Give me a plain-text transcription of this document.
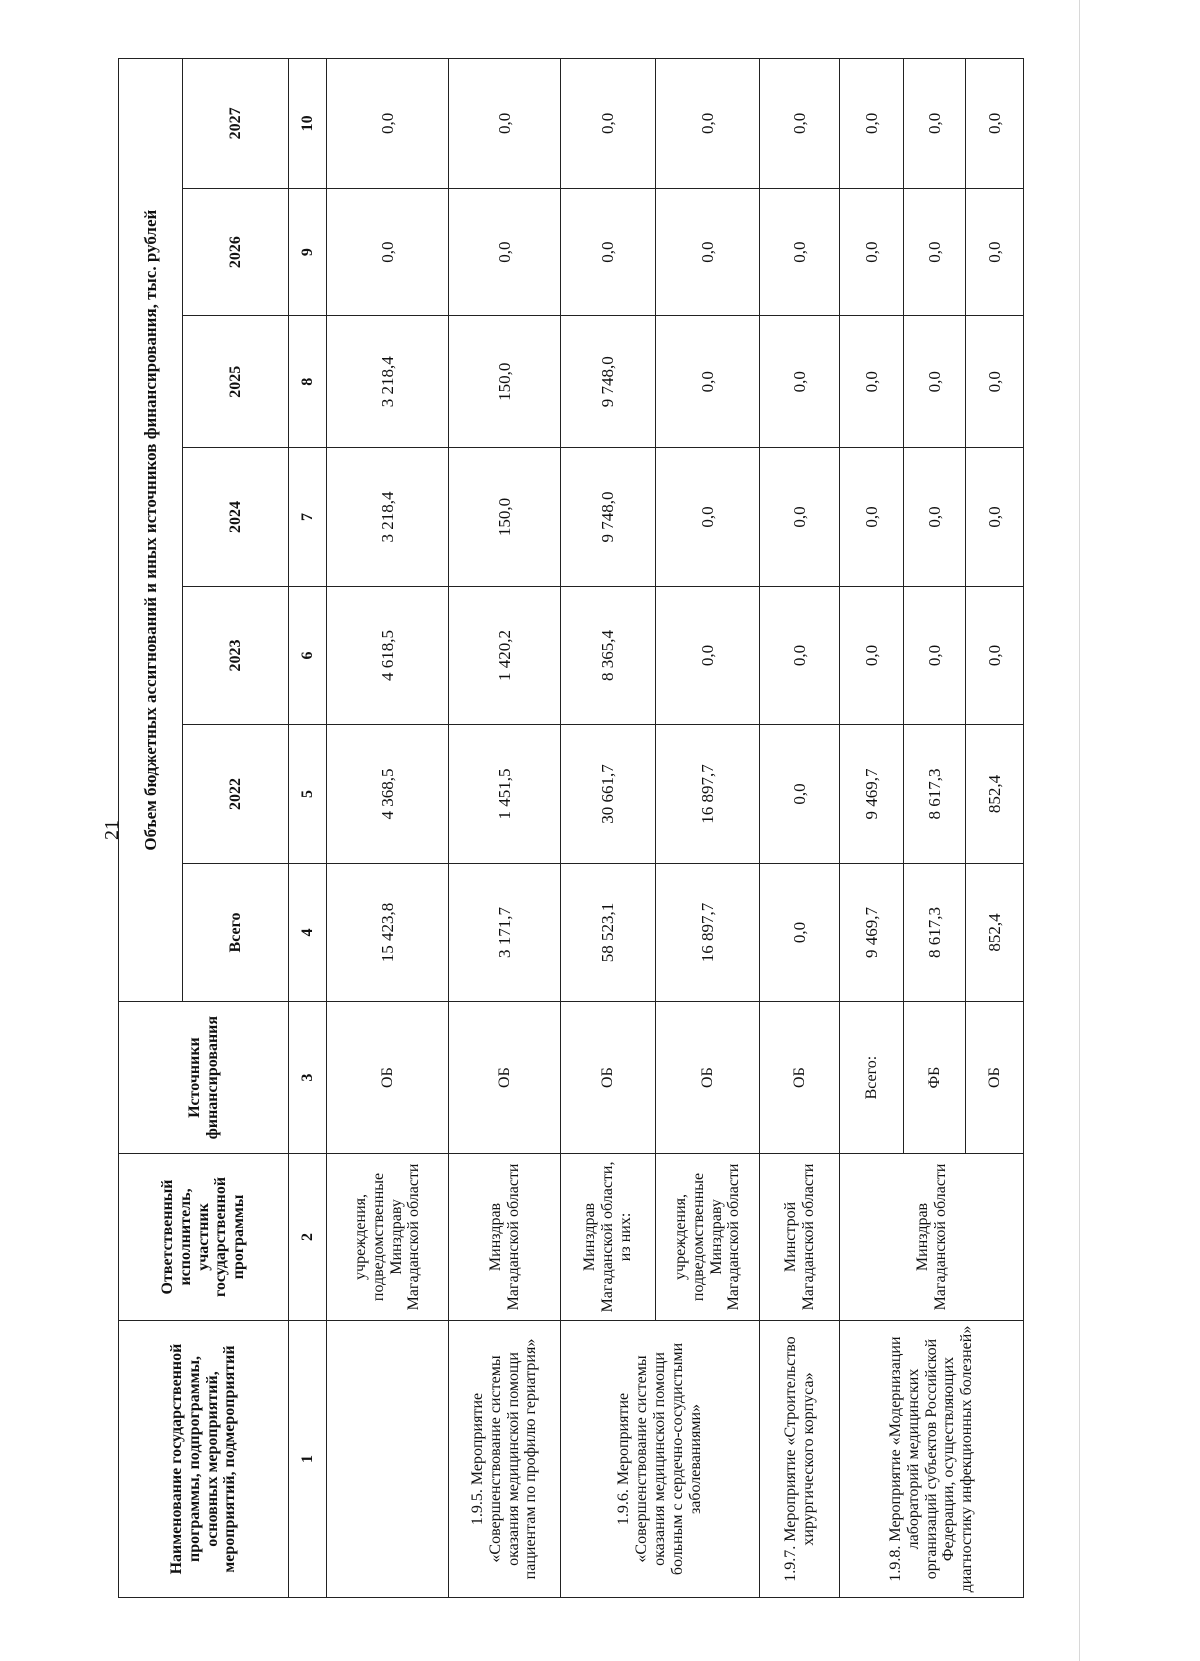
21
Наименование государственной программы, подпрограммы, основных мероприятий, мероприятий, подмероприятий	Ответственный исполнитель, участник государственной программы	Источники финансирования	Объем бюджетных ассигнований и иных источников финансирования, тыс. рублей						
			Всего	2022	2023	2024	2025	2026	2027
1	2	3	4	5	6	7	8	9	10
	учреждения, подведомственные Минздраву Магаданской области	ОБ	15 423,8	4 368,5	4 618,5	3 218,4	3 218,4	0,0	0,0
1.9.5. Мероприятие «Совершенствование системы оказания медицинской помощи пациентам по профилю гериатрия»	Минздрав Магаданской области	ОБ	3 171,7	1 451,5	1 420,2	150,0	150,0	0,0	0,0
1.9.6. Мероприятие «Совершенствование системы оказания медицинской помощи больным с сердечно-сосудистыми заболеваниями»	Минздрав Магаданской области, из них:	ОБ	58 523,1	30 661,7	8 365,4	9 748,0	9 748,0	0,0	0,0
	учреждения, подведомственные Минздраву Магаданской области	ОБ	16 897,7	16 897,7	0,0	0,0	0,0	0,0	0,0
1.9.7. Мероприятие «Строительство хирургического корпуса»	Минстрой Магаданской области	ОБ	0,0	0,0	0,0	0,0	0,0	0,0	0,0
1.9.8. Мероприятие «Модернизации лабораторий медицинских организаций субъектов Российской Федерации, осуществляющих диагностику инфекционных болезней»	Минздрав Магаданской области	Всего:	9 469,7	9 469,7	0,0	0,0	0,0	0,0	0,0
		ФБ	8 617,3	8 617,3	0,0	0,0	0,0	0,0	0,0
		ОБ	852,4	852,4	0,0	0,0	0,0	0,0	0,0
